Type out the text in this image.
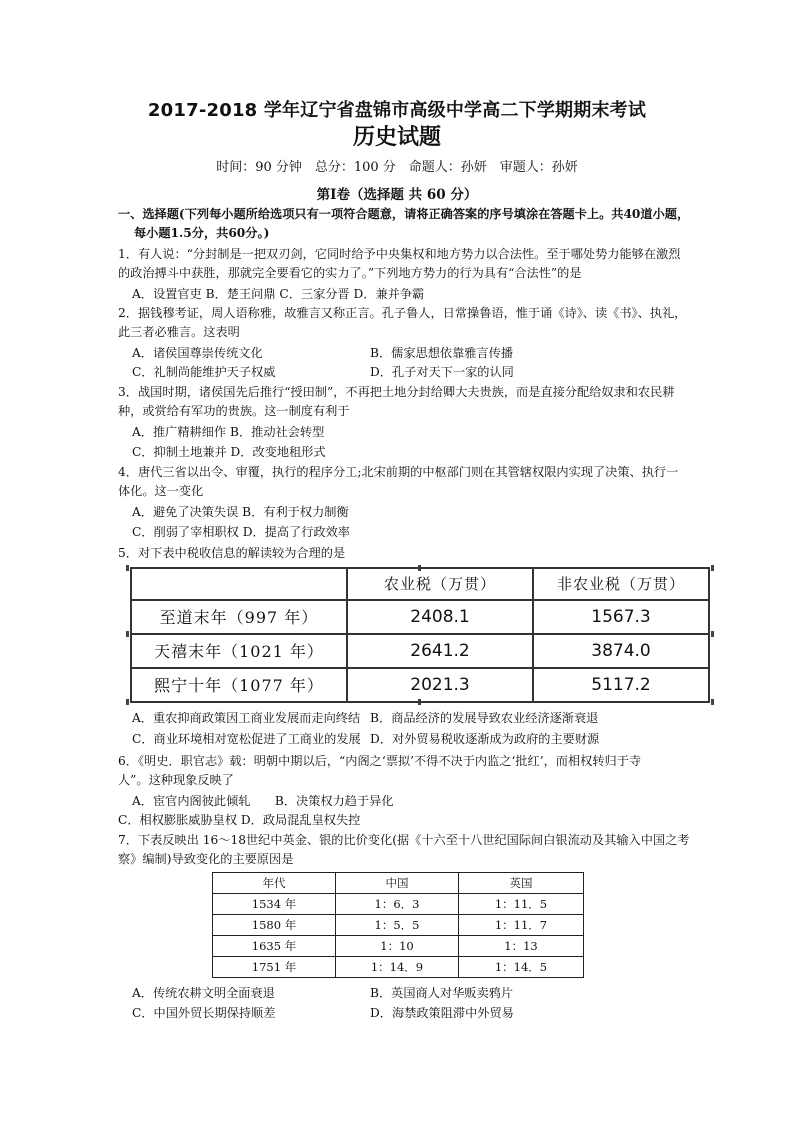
2017-2018 学年辽宁省盘锦市高级中学高二下学期期末考试
历史试题
时间：90 分钟　总分：100 分　命题人：孙妍　审题人：孙妍
第Ⅰ卷（选择题 共 60 分）
一、选择题(下列每小题所给选项只有一项符合题意，请将正确答案的序号填涂在答题卡上。共40道小题，
每小题1.5分，共60分。)
1．有人说：“分封制是一把双刃剑，它同时给予中央集权和地方势力以合法性。至于哪处势力能够在激烈
的政治搏斗中获胜，那就完全要看它的实力了。”下列地方势力的行为具有“合法性”的是
A．设置官吏 B．楚王问鼎 C．三家分晋 D．兼并争霸
2．据钱穆考证，周人语称雅，故雅言又称正言。孔子鲁人，日常操鲁语，惟于诵《诗》、读《书》、执礼，
此三者必雅言。这表明
A．诸侯国尊崇传统文化	B．儒家思想依靠雅言传播
C．礼制尚能维护天子权威	D．孔子对天下一家的认同
3．战国时期，诸侯国先后推行“授田制”，不再把土地分封给卿大夫贵族，而是直接分配给奴隶和农民耕
种，或赏给有军功的贵族。这一制度有利于
A．推广精耕细作 B．推动社会转型
C．抑制土地兼并 D．改变地租形式
4．唐代三省以出令、审覆，执行的程序分工;北宋前期的中枢部门则在其管辖权限内实现了决策、执行一
体化。这一变化
A．避免了决策失误 B．有利于权力制衡
C．削弱了宰相职权 D．提高了行政效率
5．对下表中税收信息的解读较为合理的是
	农业税（万贯）	非农业税（万贯）
至道末年（997 年）	2408.1	1567.3
天禧末年（1021 年）	2641.2	3874.0
熙宁十年（1077 年）	2021.3	5117.2
A．重农抑商政策因工商业发展而走向终结 B．商品经济的发展导致农业经济逐渐衰退
C．商业环境相对宽松促进了工商业的发展 D．对外贸易税收逐渐成为政府的主要财源
6．《明史．职官志》载：明朝中期以后，“内阁之‘票拟’不得不决于内监之‘批红’，而相权转归于寺
人”。这种现象反映了
A．宦官内阁彼此倾轧　　B．决策权力趋于异化
C．相权膨胀威胁皇权 D．政局混乱皇权失控
7．下表反映出 16～18世纪中英金、银的比价变化(据《十六至十八世纪国际间白银流动及其输入中国之考
察》编制)导致变化的主要原因是
年代	中国	英国
1534 年	1：6．3	1：11．5
1580 年	1：5．5	1：11．7
1635 年	1：10	1：13
1751 年	1：14．9	1：14．5
A．传统农耕文明全面衰退	B．英国商人对华贩卖鸦片
C．中国外贸长期保持顺差	D．海禁政策阻滞中外贸易
